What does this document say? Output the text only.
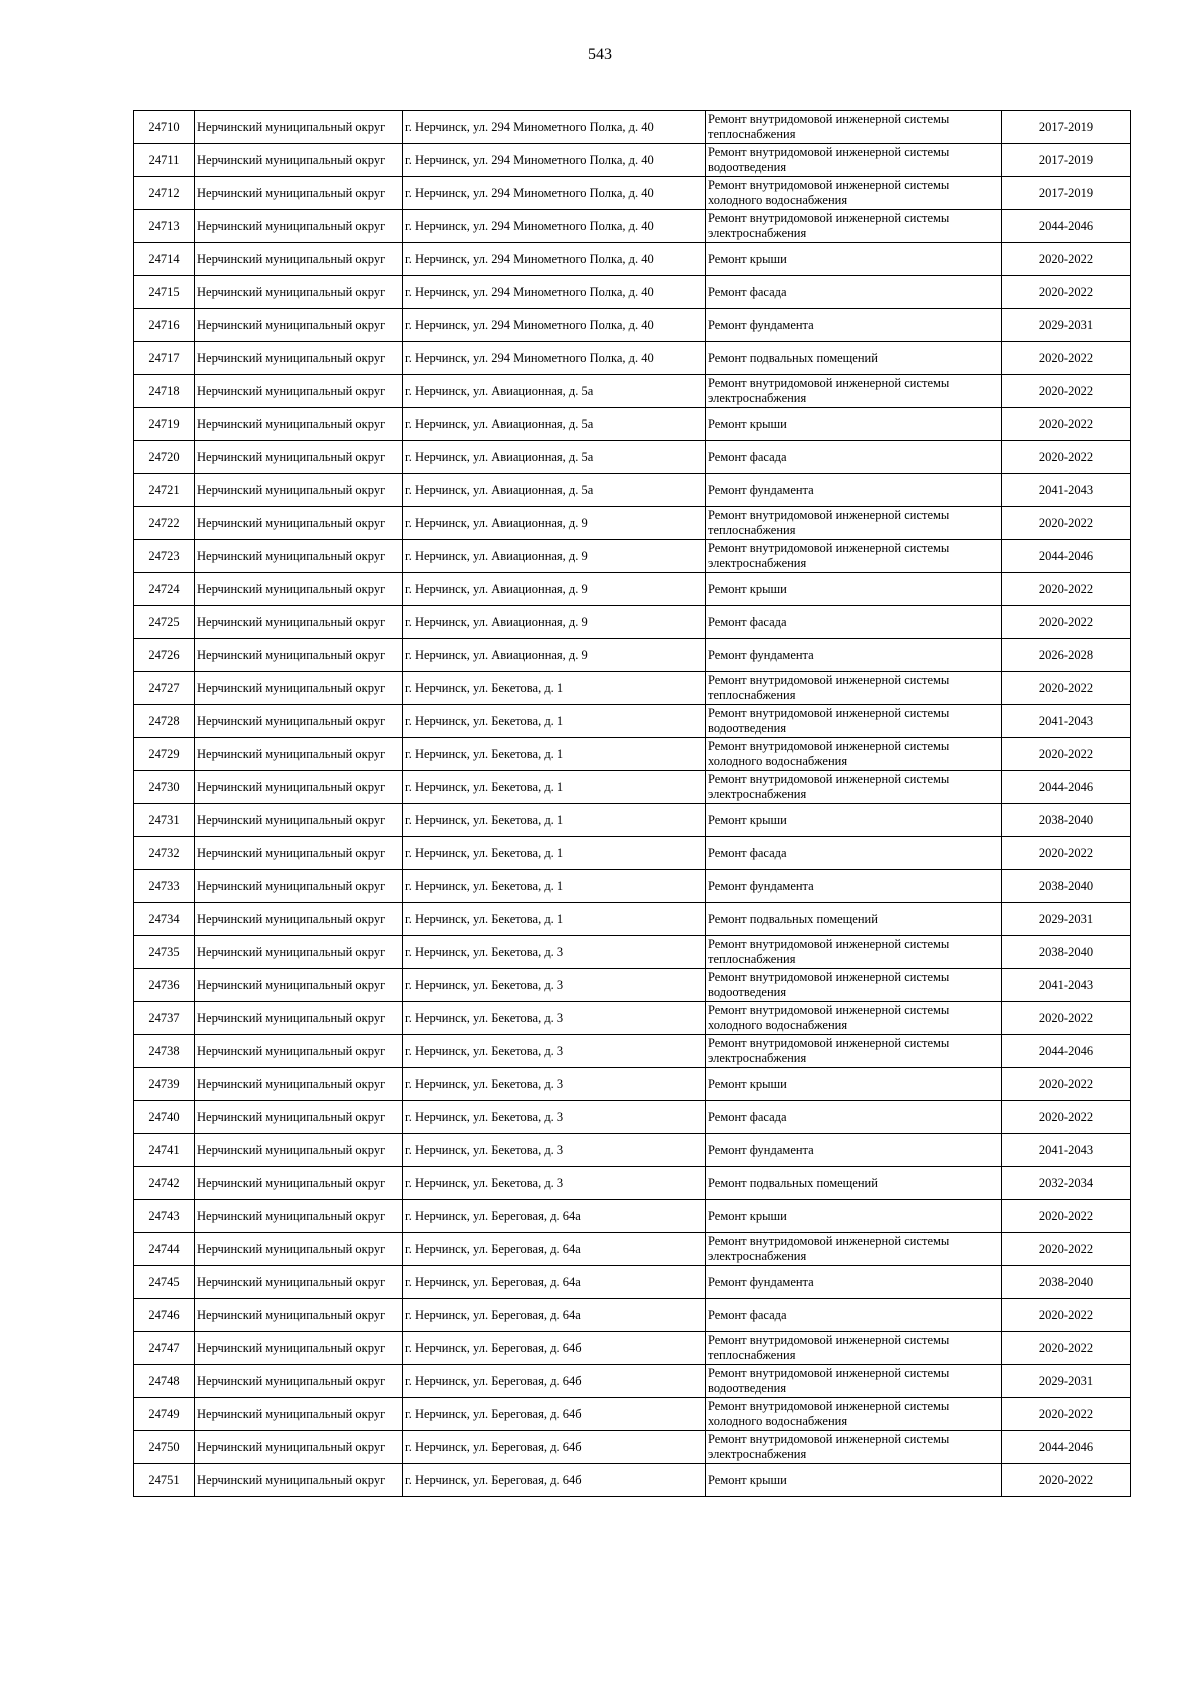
543
24710	Нерчинский муниципальный округ	г. Нерчинск, ул. 294 Минометного Полка, д. 40	Ремонт внутридомовой инженерной системы теплоснабжения	2017-2019
24711	Нерчинский муниципальный округ	г. Нерчинск, ул. 294 Минометного Полка, д. 40	Ремонт внутридомовой инженерной системы водоотведения	2017-2019
24712	Нерчинский муниципальный округ	г. Нерчинск, ул. 294 Минометного Полка, д. 40	Ремонт внутридомовой инженерной системы холодного водоснабжения	2017-2019
24713	Нерчинский муниципальный округ	г. Нерчинск, ул. 294 Минометного Полка, д. 40	Ремонт внутридомовой инженерной системы электроснабжения	2044-2046
24714	Нерчинский муниципальный округ	г. Нерчинск, ул. 294 Минометного Полка, д. 40	Ремонт крыши	2020-2022
24715	Нерчинский муниципальный округ	г. Нерчинск, ул. 294 Минометного Полка, д. 40	Ремонт фасада	2020-2022
24716	Нерчинский муниципальный округ	г. Нерчинск, ул. 294 Минометного Полка, д. 40	Ремонт фундамента	2029-2031
24717	Нерчинский муниципальный округ	г. Нерчинск, ул. 294 Минометного Полка, д. 40	Ремонт подвальных помещений	2020-2022
24718	Нерчинский муниципальный округ	г. Нерчинск, ул. Авиационная, д. 5а	Ремонт внутридомовой инженерной системы электроснабжения	2020-2022
24719	Нерчинский муниципальный округ	г. Нерчинск, ул. Авиационная, д. 5а	Ремонт крыши	2020-2022
24720	Нерчинский муниципальный округ	г. Нерчинск, ул. Авиационная, д. 5а	Ремонт фасада	2020-2022
24721	Нерчинский муниципальный округ	г. Нерчинск, ул. Авиационная, д. 5а	Ремонт фундамента	2041-2043
24722	Нерчинский муниципальный округ	г. Нерчинск, ул. Авиационная, д. 9	Ремонт внутридомовой инженерной системы теплоснабжения	2020-2022
24723	Нерчинский муниципальный округ	г. Нерчинск, ул. Авиационная, д. 9	Ремонт внутридомовой инженерной системы электроснабжения	2044-2046
24724	Нерчинский муниципальный округ	г. Нерчинск, ул. Авиационная, д. 9	Ремонт крыши	2020-2022
24725	Нерчинский муниципальный округ	г. Нерчинск, ул. Авиационная, д. 9	Ремонт фасада	2020-2022
24726	Нерчинский муниципальный округ	г. Нерчинск, ул. Авиационная, д. 9	Ремонт фундамента	2026-2028
24727	Нерчинский муниципальный округ	г. Нерчинск, ул. Бекетова, д. 1	Ремонт внутридомовой инженерной системы теплоснабжения	2020-2022
24728	Нерчинский муниципальный округ	г. Нерчинск, ул. Бекетова, д. 1	Ремонт внутридомовой инженерной системы водоотведения	2041-2043
24729	Нерчинский муниципальный округ	г. Нерчинск, ул. Бекетова, д. 1	Ремонт внутридомовой инженерной системы холодного водоснабжения	2020-2022
24730	Нерчинский муниципальный округ	г. Нерчинск, ул. Бекетова, д. 1	Ремонт внутридомовой инженерной системы электроснабжения	2044-2046
24731	Нерчинский муниципальный округ	г. Нерчинск, ул. Бекетова, д. 1	Ремонт крыши	2038-2040
24732	Нерчинский муниципальный округ	г. Нерчинск, ул. Бекетова, д. 1	Ремонт фасада	2020-2022
24733	Нерчинский муниципальный округ	г. Нерчинск, ул. Бекетова, д. 1	Ремонт фундамента	2038-2040
24734	Нерчинский муниципальный округ	г. Нерчинск, ул. Бекетова, д. 1	Ремонт подвальных помещений	2029-2031
24735	Нерчинский муниципальный округ	г. Нерчинск, ул. Бекетова, д. 3	Ремонт внутридомовой инженерной системы теплоснабжения	2038-2040
24736	Нерчинский муниципальный округ	г. Нерчинск, ул. Бекетова, д. 3	Ремонт внутридомовой инженерной системы водоотведения	2041-2043
24737	Нерчинский муниципальный округ	г. Нерчинск, ул. Бекетова, д. 3	Ремонт внутридомовой инженерной системы холодного водоснабжения	2020-2022
24738	Нерчинский муниципальный округ	г. Нерчинск, ул. Бекетова, д. 3	Ремонт внутридомовой инженерной системы электроснабжения	2044-2046
24739	Нерчинский муниципальный округ	г. Нерчинск, ул. Бекетова, д. 3	Ремонт крыши	2020-2022
24740	Нерчинский муниципальный округ	г. Нерчинск, ул. Бекетова, д. 3	Ремонт фасада	2020-2022
24741	Нерчинский муниципальный округ	г. Нерчинск, ул. Бекетова, д. 3	Ремонт фундамента	2041-2043
24742	Нерчинский муниципальный округ	г. Нерчинск, ул. Бекетова, д. 3	Ремонт подвальных помещений	2032-2034
24743	Нерчинский муниципальный округ	г. Нерчинск, ул. Береговая, д. 64а	Ремонт крыши	2020-2022
24744	Нерчинский муниципальный округ	г. Нерчинск, ул. Береговая, д. 64а	Ремонт внутридомовой инженерной системы электроснабжения	2020-2022
24745	Нерчинский муниципальный округ	г. Нерчинск, ул. Береговая, д. 64а	Ремонт фундамента	2038-2040
24746	Нерчинский муниципальный округ	г. Нерчинск, ул. Береговая, д. 64а	Ремонт фасада	2020-2022
24747	Нерчинский муниципальный округ	г. Нерчинск, ул. Береговая, д. 64б	Ремонт внутридомовой инженерной системы теплоснабжения	2020-2022
24748	Нерчинский муниципальный округ	г. Нерчинск, ул. Береговая, д. 64б	Ремонт внутридомовой инженерной системы водоотведения	2029-2031
24749	Нерчинский муниципальный округ	г. Нерчинск, ул. Береговая, д. 64б	Ремонт внутридомовой инженерной системы холодного водоснабжения	2020-2022
24750	Нерчинский муниципальный округ	г. Нерчинск, ул. Береговая, д. 64б	Ремонт внутридомовой инженерной системы электроснабжения	2044-2046
24751	Нерчинский муниципальный округ	г. Нерчинск, ул. Береговая, д. 64б	Ремонт крыши	2020-2022
